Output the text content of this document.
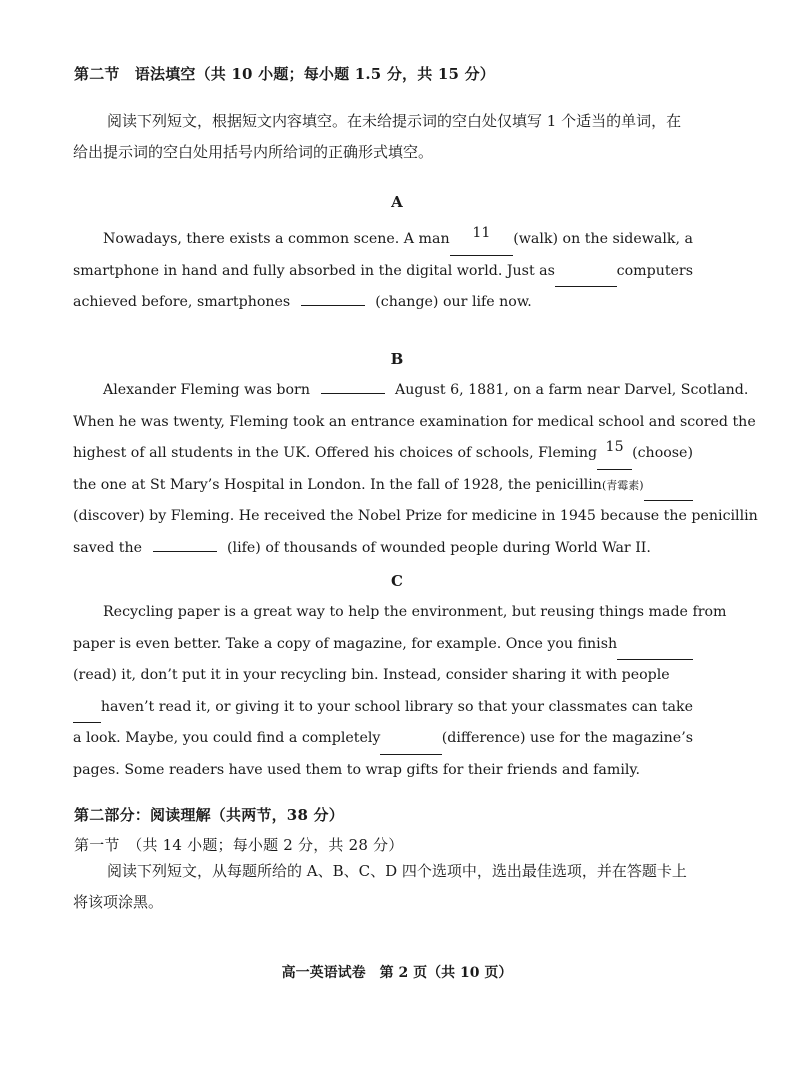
第二节　语法填空（共 10 小题；每小题 1.5 分，共 15 分）

阅读下列短文，根据短文内容填空。在未给提示词的空白处仅填写 1 个适当的单词，在给出提示词的空白处用括号内所给词的正确形式填空。

A
Nowadays, there exists a common scene. A man	11	(walk) on the sidewalk, a
smartphone in hand and fully absorbed in the digital world. Just as	computers
achieved before, smartphones	(change) our life now.
B
Alexander Fleming was born	August 6, 1881, on a farm near Darvel, Scotland.
When he was twenty, Fleming took an entrance examination for medical school and scored the
highest of all students in the UK. Offered his choices of schools, Fleming 15 (choose)
the one at St Mary’s Hospital in London. In the fall of 1928, the penicillin(青霉素)
(discover) by Fleming. He received the Nobel Prize for medicine in 1945 because the penicillin
saved the	(life) of thousands of wounded people during World War II.
C
Recycling paper is a great way to help the environment, but reusing things made from
paper is even better. Take a copy of magazine, for example. Once you finish
(read) it, don’t put it in your recycling bin. Instead, consider sharing it with people
haven’t read it, or giving it to your school library so that your classmates can take
a look. Maybe, you could find a completely	(difference) use for the magazine’s
pages. Some readers have used them to wrap gifts for their friends and family.
第二部分：阅读理解（共两节，38 分）
第一节　（共 14 小题；每小题 2 分，共 28 分）

阅读下列短文，从每题所给的 A、B、C、D 四个选项中，选出最佳选项，并在答题卡上将该项涂黑。

高一英语试卷　第 2 页（共 10 页）
